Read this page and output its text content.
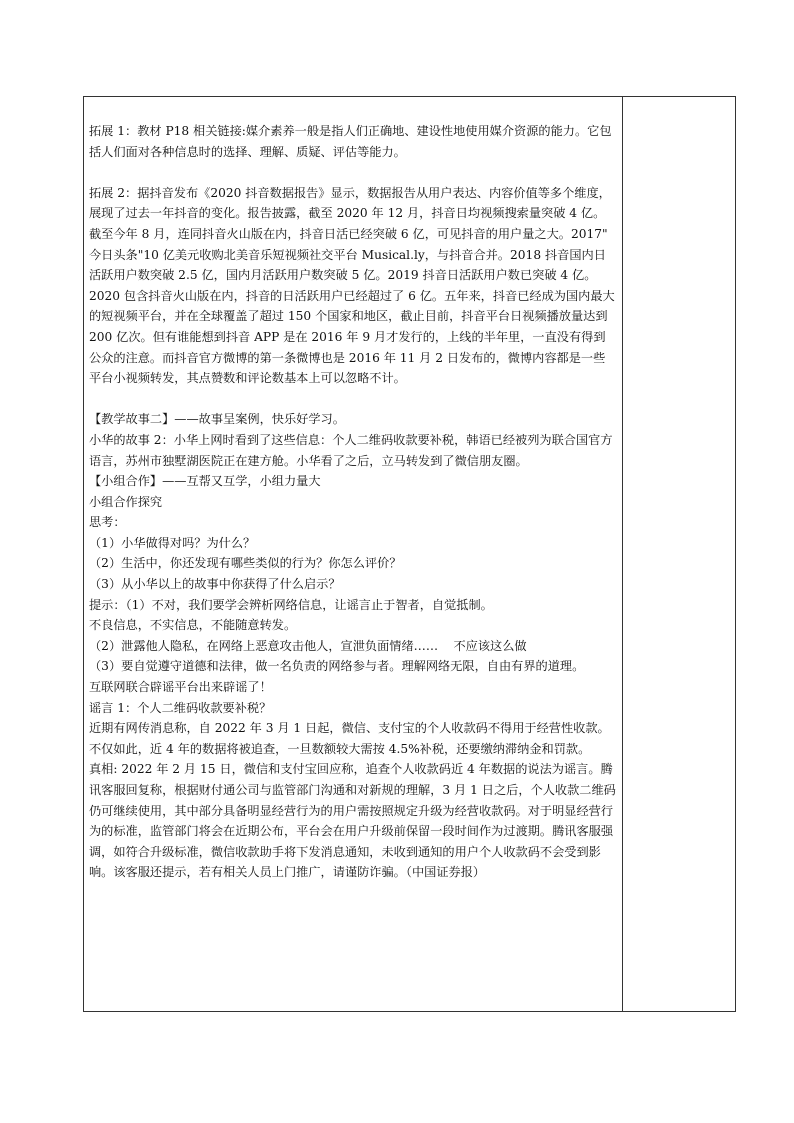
拓展 1：教材 P18 相关链接:媒介素养一般是指人们正确地、建设性地使用媒介资源的能力。它包括人们面对各种信息时的选择、理解、质疑、评估等能力。

拓展 2：据抖音发布《2020 抖音数据报告》显示，数据报告从用户表达、内容价值等多个维度，展现了过去一年抖音的变化。报告披露，截至 2020 年 12 月，抖音日均视频搜索量突破 4 亿。截至今年 8 月，连同抖音火山版在内，抖音日活已经突破 6 亿，可见抖音的用户量之大。2017" 今日头条"10 亿美元收购北美音乐短视频社交平台 Musical.ly，与抖音合并。2018 抖音国内日活跃用户数突破 2.5 亿，国内月活跃用户数突破 5 亿。2019 抖音日活跃用户数已突破 4 亿。2020 包含抖音火山版在内，抖音的日活跃用户已经超过了 6 亿。五年来，抖音已经成为国内最大的短视频平台，并在全球覆盖了超过 150 个国家和地区，截止目前，抖音平台日视频播放量达到 200 亿次。但有谁能想到抖音 APP 是在 2016 年 9 月才发行的，上线的半年里，一直没有得到公众的注意。而抖音官方微博的第一条微博也是 2016 年 11 月 2 日发布的，微博内容都是一些平台小视频转发，其点赞数和评论数基本上可以忽略不计。

【教学故事二】——故事呈案例，快乐好学习。

小华的故事 2：小华上网时看到了这些信息：个人二维码收款要补税，韩语已经被列为联合国官方语言，苏州市独墅湖医院正在建方舱。小华看了之后，立马转发到了微信朋友圈。

【小组合作】——互帮又互学，小组力量大

小组合作探究

思考：

（1）小华做得对吗？为什么？

（2）生活中，你还发现有哪些类似的行为？你怎么评价？

（3）从小华以上的故事中你获得了什么启示？

提示：（1）不对，我们要学会辨析网络信息，让谣言止于智者，自觉抵制。

不良信息，不实信息，不能随意转发。

（2）泄露他人隐私，在网络上恶意攻击他人，宣泄负面情绪……    不应该这么做

（3）要自觉遵守道德和法律，做一名负责的网络参与者。理解网络无限，自由有界的道理。

互联网联合辟谣平台出来辟谣了！

谣言 1：个人二维码收款要补税？

近期有网传消息称，自 2022 年 3 月 1 日起，微信、支付宝的个人收款码不得用于经营性收款。不仅如此，近 4 年的数据将被追查，一旦数额较大需按 4.5%补税，还要缴纳滞纳金和罚款。

真相: 2022 年 2 月 15 日，微信和支付宝回应称，追查个人收款码近 4 年数据的说法为谣言。腾讯客服回复称，根据财付通公司与监管部门沟通和对新规的理解，3 月 1 日之后，个人收款二维码仍可继续使用，其中部分具备明显经营行为的用户需按照规定升级为经营收款码。对于明显经营行为的标准，监管部门将会在近期公布，平台会在用户升级前保留一段时间作为过渡期。腾讯客服强调，如符合升级标准，微信收款助手将下发消息通知，未收到通知的用户个人收款码不会受到影响。该客服还提示，若有相关人员上门推广，请谨防诈骗。（中国证券报）
